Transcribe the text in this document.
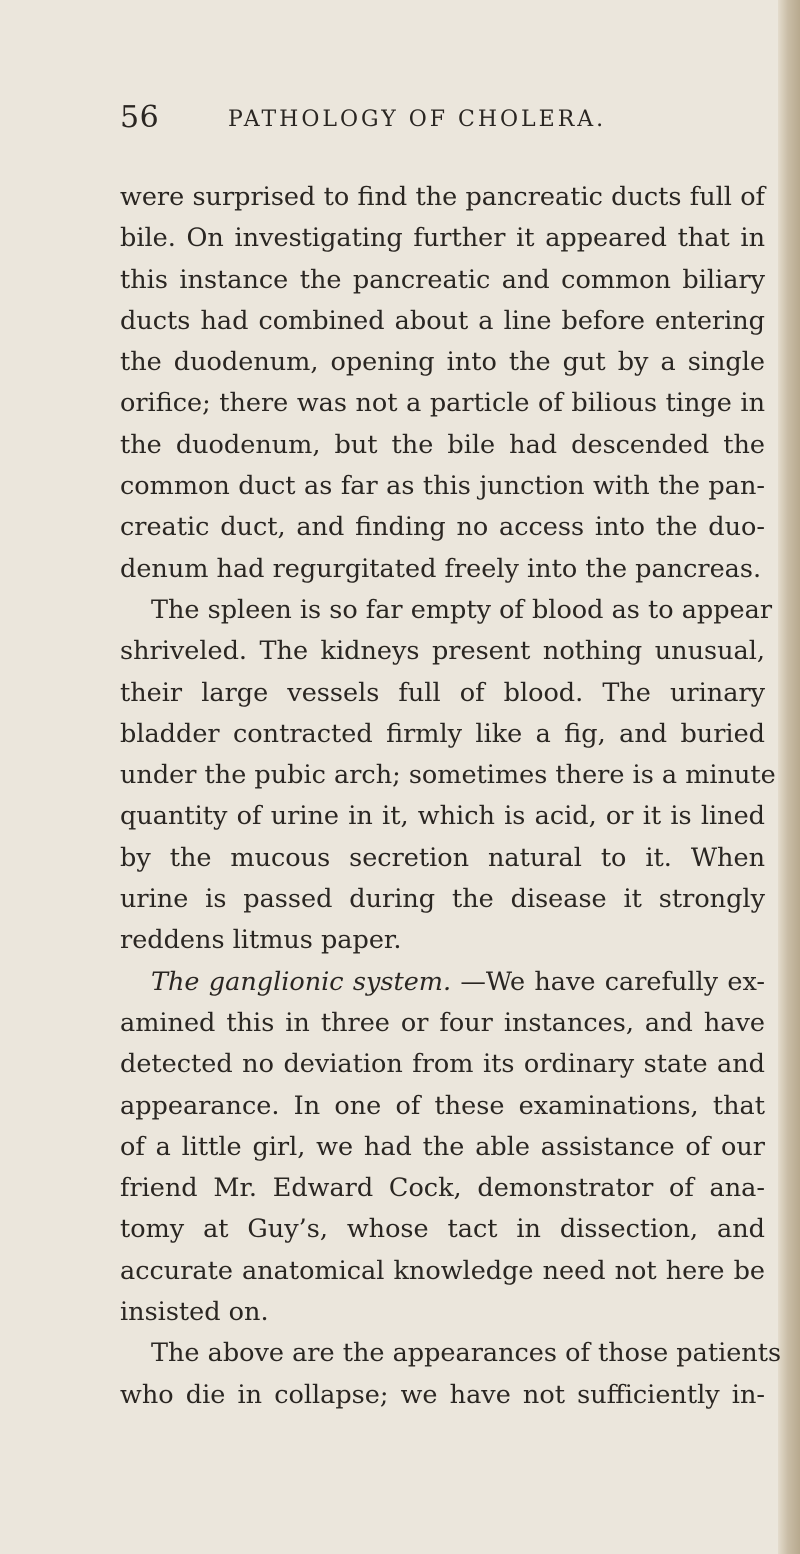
56	PATHOLOGY OF CHOLERA.
were surprised to find the pancreatic ducts full of
bile. On investigating further it appeared that in
this instance the pancreatic and common biliary
ducts had combined about a line before entering
the duodenum, opening into the gut by a single
orifice; there was not a particle of bilious tinge in
the duodenum, but the bile had descended the
common duct as far as this junction with the pan-
creatic duct, and finding no access into the duo-
denum had regurgitated freely into the pancreas.
The spleen is so far empty of blood as to appear
shriveled. The kidneys present nothing unusual,
their large vessels full of blood. The urinary
bladder contracted firmly like a fig, and buried
under the pubic arch; sometimes there is a minute
quantity of urine in it, which is acid, or it is lined
by the mucous secretion natural to it. When
urine is passed during the disease it strongly
reddens litmus paper.
The ganglionic system. —We have carefully ex-
amined this in three or four instances, and have
detected no deviation from its ordinary state and
appearance. In one of these examinations, that
of a little girl, we had the able assistance of our
friend Mr. Edward Cock, demonstrator of ana-
tomy at Guy’s, whose tact in dissection, and
accurate anatomical knowledge need not here be
insisted on.
The above are the appearances of those patients
who die in collapse; we have not sufficiently in-
